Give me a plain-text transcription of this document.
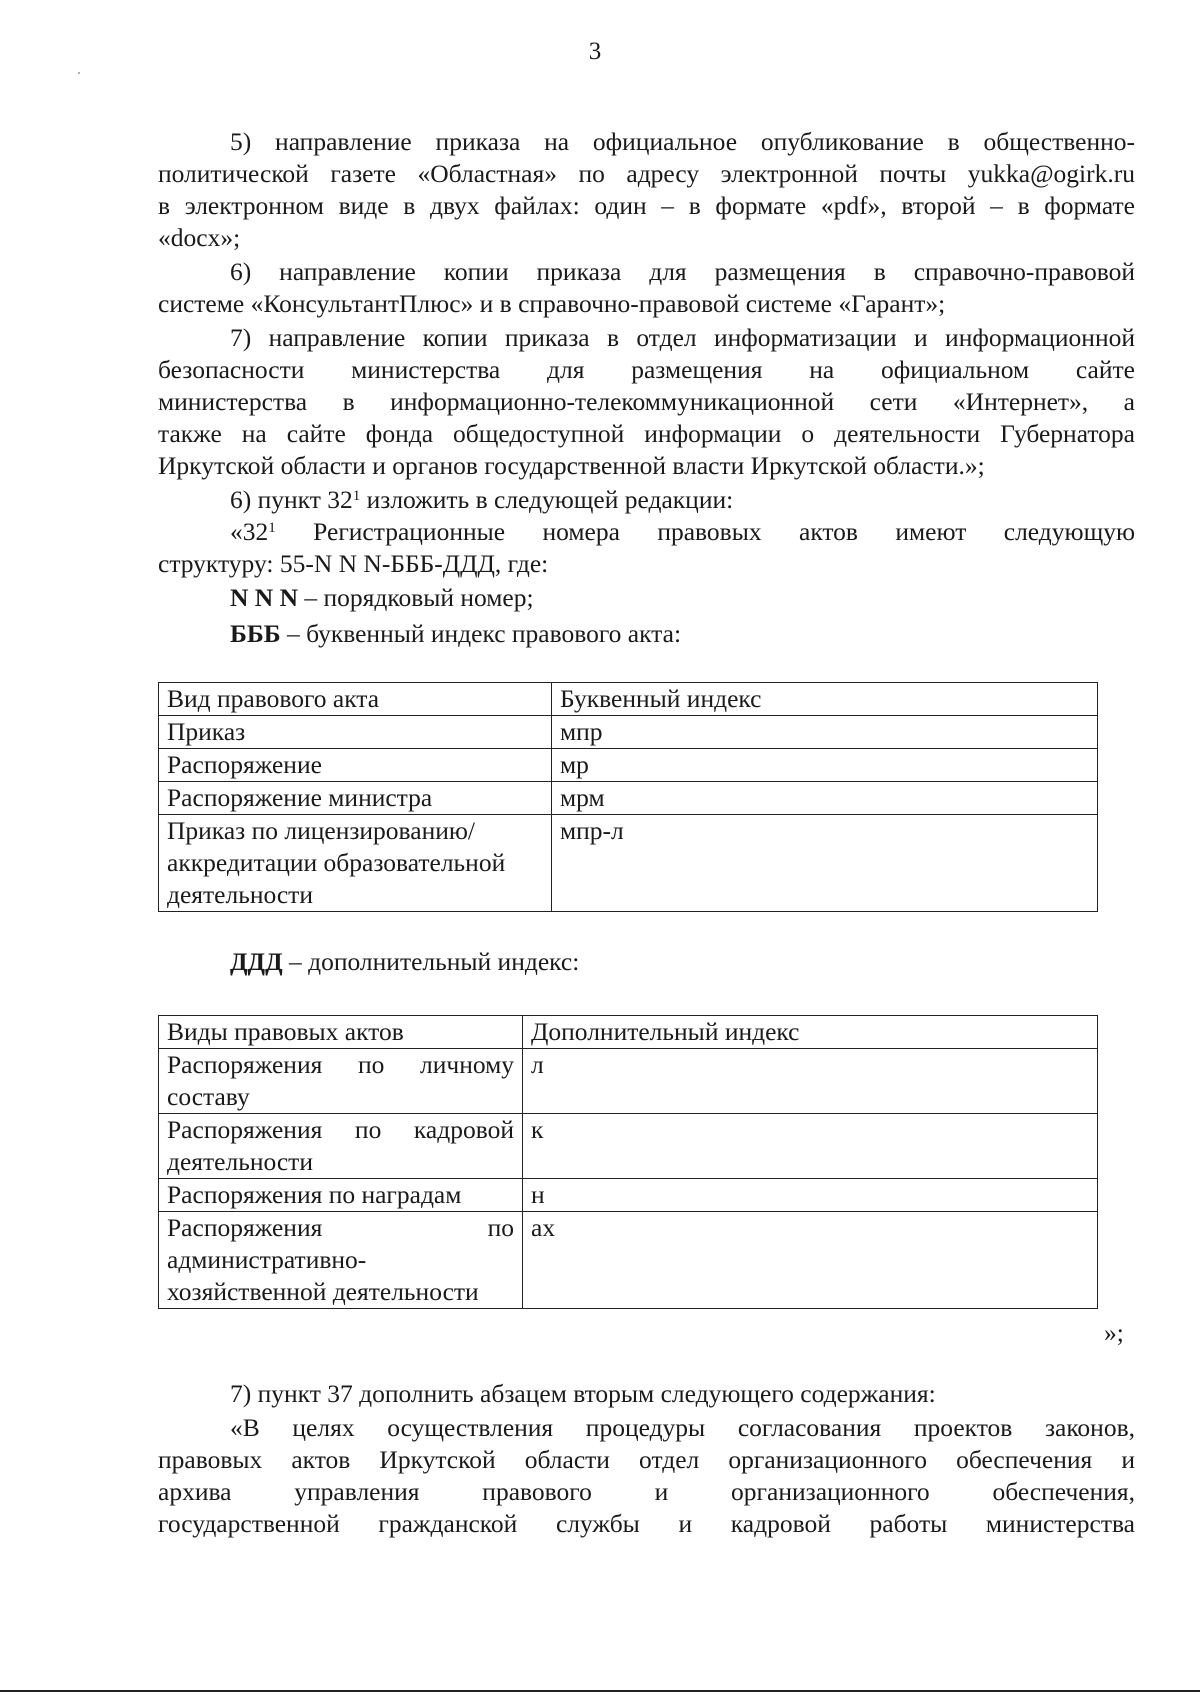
3

5) направление приказа на официальное опубликование в общественно-
политической газете «Областная» по адресу электронной почты yukka@ogirk.ru
в электронном виде в двух файлах: один – в формате «pdf», второй – в формате
«docx»;

6) направление копии приказа для размещения в справочно-правовой
системе «КонсультантПлюс» и в справочно-правовой системе «Гарант»;

7) направление копии приказа в отдел информатизации и информационной
безопасности министерства для размещения на официальном сайте
министерства в информационно-телекоммуникационной сети «Интернет», а
также на сайте фонда общедоступной информации о деятельности Губернатора
Иркутской области и органов государственной власти Иркутской области.»;

6) пункт $32^1$ изложить в следующей редакции:

«$32^1$ Регистрационные номера правовых актов имеют следующую
структуру: 55-N N N-БББ-ДДД, где:

N N N – порядковый номер;

БББ – буквенный индекс правового акта:

Вид правового акта	Буквенный индекс
Приказ	мпр
Распоряжение	мр
Распоряжение министра	мрм
Приказ по лицензированию/аккредитации образовательной деятельности	мпр-л

ДДД – дополнительный индекс:

Виды правовых актов	Дополнительный индекс
Распоряжения по личному составу	л
Распоряжения по кадровой деятельности	к
Распоряжения по наградам	н
Распоряжения по административно-хозяйственной деятельности	ах
»;

7) пункт 37 дополнить абзацем вторым следующего содержания:

«В целях осуществления процедуры согласования проектов законов,
правовых актов Иркутской области отдел организационного обеспечения и
архива управления правового и организационного обеспечения,
государственной гражданской службы и кадровой работы министерства
